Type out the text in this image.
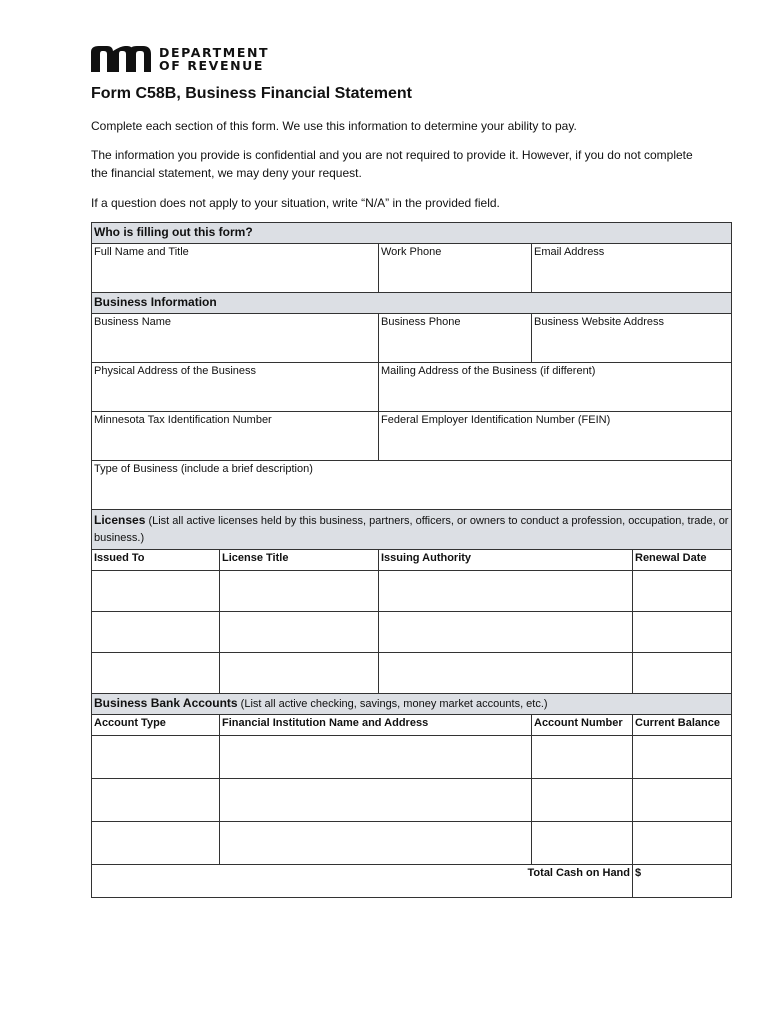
DEPARTMENT
OF REVENUE
Form C58B, Business Financial Statement
Complete each section of this form. We use this information to determine your ability to pay.
The information you provide is confidential and you are not required to provide it. However, if you do not complete the financial statement, we may deny your request.
If a question does not apply to your situation, write “N/A” in the provided field.
Who is filling out this form?				
Full Name and Title		Work Phone	Email Address	
Business Information				
Business Name		Business Phone	Business Website Address	
Physical Address of the Business		Mailing Address of the Business (if different)		
Minnesota Tax Identification Number		Federal Employer Identification Number (FEIN)		
Type of Business (include a brief description)				
Licenses (List all active licenses held by this business, partners, officers, or owners to conduct a profession, occupation, trade, or business.)				
Issued To	License Title	Issuing Authority		Renewal Date

Business Bank Accounts (List all active checking, savings, money market accounts, etc.)				
Account Type	Financial Institution Name and Address		Account Number	Current Balance

Total Cash on Hand				$
